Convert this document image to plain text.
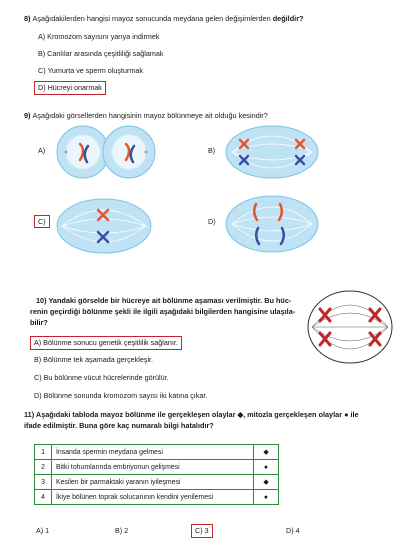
8) Aşağıdakilerden hangisi mayoz sonucunda meydana gelen değişimlerden değildir?
A) Kromozom sayısını yarıya indirmek
B) Canlılar arasında çeşitliliği sağlamak
C) Yumurta ve sperm oluşturmak
D) Hücreyi onarmak
9) Aşağıdaki görsellerden hangisinin mayoz bölünmeye ait olduğu kesindir?
A)	B)
C)	D)
10) Yandaki görselde bir hücreye ait bölünme aşaması verilmiştir. Bu hüc-
renin geçirdiği bölünme şekli ile ilgili aşağıdaki bilgilerden hangisine ulaşıla-
bilir?
A) Bölünme sonucu genetik çeşitlilik sağlanır.
B) Bölünme tek aşamada gerçekleşir.
C) Bu bölünme vücut hücrelerinde görülür.
D) Bölünme sonunda kromozom sayısı iki katına çıkar.
11) Aşağıdaki tabloda mayoz bölünme ile gerçekleşen olaylar ◆, mitozla gerçekleşen olaylar ● ile
ifade edilmiştir. Buna göre kaç numaralı bilgi hatalıdır?
1	İnsanda spermin meydana gelmesi	◆
2	Bitki tohumlarında embriyonun gelişmesi	●
3	Kesilen bir parmaktaki yaranın iyileşmesi	◆
4	İkiye bölünen toprak solucanının kendini yenilemesi	●
A) 1	B) 2	C) 3	D) 4
